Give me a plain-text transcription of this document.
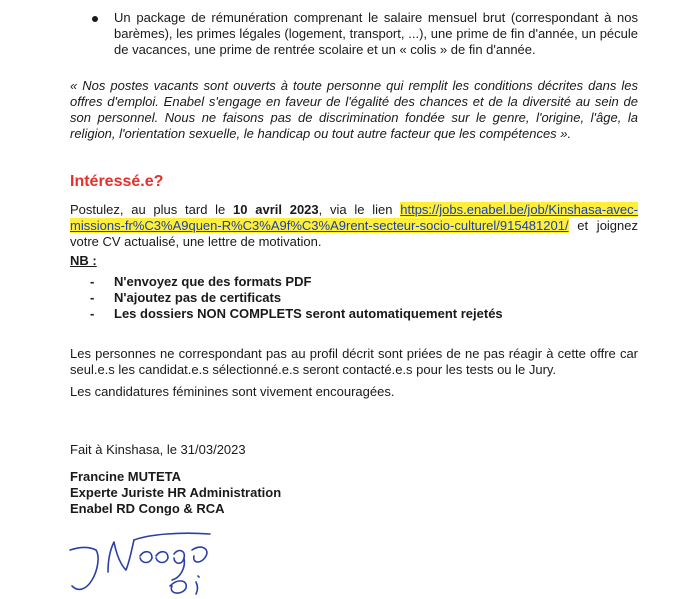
Un package de rémunération comprenant le salaire mensuel brut (correspondant à nos barèmes), les primes légales (logement, transport, ...), une prime de fin d'année, un pécule de vacances, une prime de rentrée scolaire et un « colis » de fin d'année.
« Nos postes vacants sont ouverts à toute personne qui remplit les conditions décrites dans les offres d'emploi. Enabel s'engage en faveur de l'égalité des chances et de la diversité au sein de son personnel. Nous ne faisons pas de discrimination fondée sur le genre, l'origine, l'âge, la religion, l'orientation sexuelle, le handicap ou tout autre facteur que les compétences ».
Intéressé.e?
Postulez, au plus tard le 10 avril 2023, via le lien https://jobs.enabel.be/job/Kinshasa-avec-missions-fr%C3%A9quen-R%C3%A9f%C3%A9rent-secteur-socio-culturel/915481201/ et joignez votre CV actualisé, une lettre de motivation.
NB :
-	N'envoyez que des formats PDF
-	N'ajoutez pas de certificats
-	Les dossiers NON COMPLETS seront automatiquement rejetés
Les personnes ne correspondant pas au profil décrit sont priées de ne pas réagir à cette offre car seul.e.s les candidat.e.s sélectionné.e.s seront contacté.e.s pour les tests ou le Jury.
Les candidatures féminines sont vivement encouragées.
Fait à Kinshasa, le 31/03/2023
Francine MUTETA
Experte Juriste HR Administration
Enabel RD Congo & RCA
